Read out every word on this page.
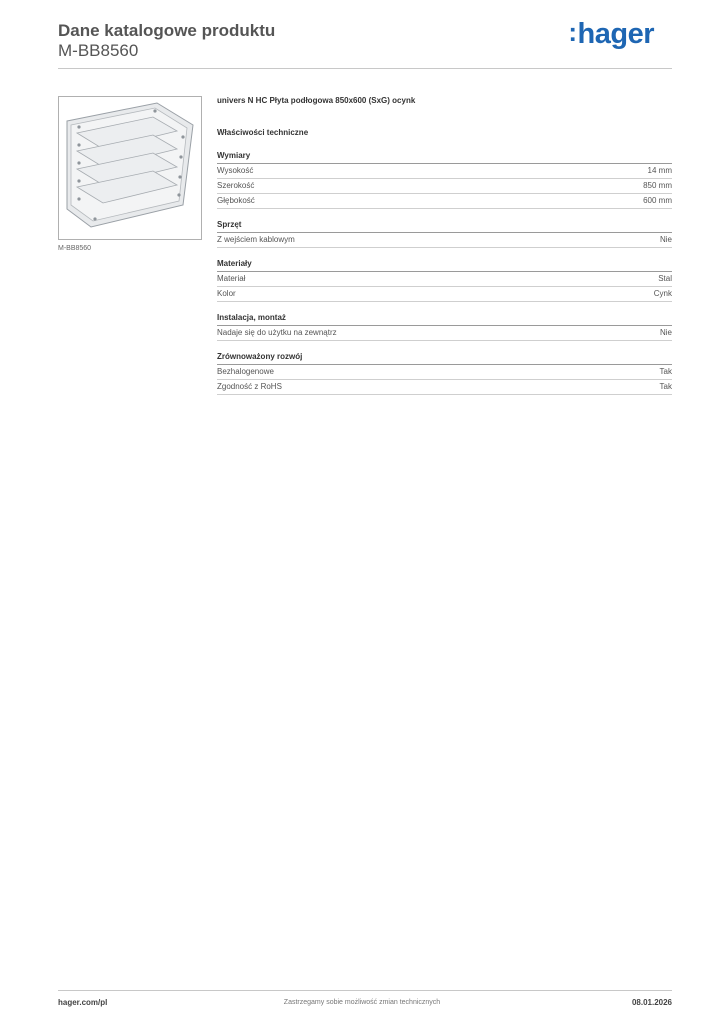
Dane katalogowe produktu
M-BB8560
:hager
M-BB8560
univers N HC Płyta podłogowa 850x600 (SxG) ocynk
Właściwości techniczne
Wymiary
Wysokość	14 mm
Szerokość	850 mm
Głębokość	600 mm
Sprzęt
Z wejściem kablowym	Nie
Materiały
Materiał	Stal
Kolor	Cynk
Instalacja, montaż
Nadaje się do użytku na zewnątrz	Nie
Zrównoważony rozwój
Bezhalogenowe	Tak
Zgodność z RoHS	Tak
hager.com/pl	Zastrzegamy sobie możliwość zmian technicznych	08.01.2026
